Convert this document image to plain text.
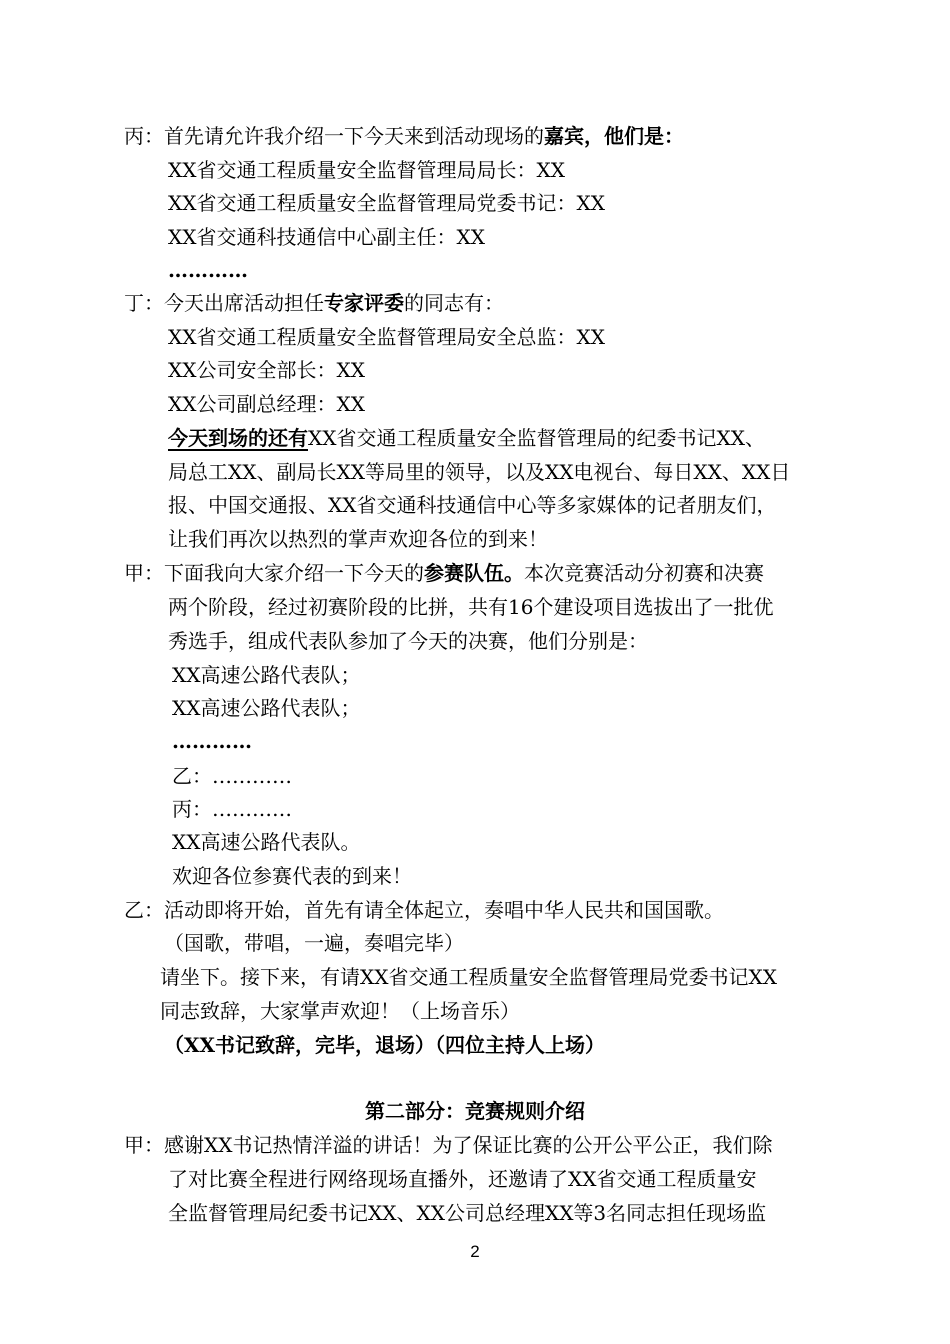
丙：首先请允许我介绍一下今天来到活动现场的嘉宾，他们是：
XX省交通工程质量安全监督管理局局长：XX
XX省交通工程质量安全监督管理局党委书记：XX
XX省交通科技通信中心副主任：XX
…………
丁：今天出席活动担任专家评委的同志有：
XX省交通工程质量安全监督管理局安全总监：XX
XX公司安全部长：XX
XX公司副总经理：XX
今天到场的还有XX省交通工程质量安全监督管理局的纪委书记XX、
局总工XX、副局长XX等局里的领导，以及XX电视台、每日XX、XX日
报、中国交通报、XX省交通科技通信中心等多家媒体的记者朋友们，
让我们再次以热烈的掌声欢迎各位的到来！
甲：下面我向大家介绍一下今天的参赛队伍。本次竞赛活动分初赛和决赛
两个阶段，经过初赛阶段的比拼，共有16个建设项目选拔出了一批优
秀选手，组成代表队参加了今天的决赛，他们分别是：
XX高速公路代表队；
XX高速公路代表队；
…………
乙：…………
丙：…………
XX高速公路代表队。
欢迎各位参赛代表的到来！
乙：活动即将开始，首先有请全体起立，奏唱中华人民共和国国歌。
（国歌，带唱，一遍，奏唱完毕）
请坐下。接下来，有请XX省交通工程质量安全监督管理局党委书记XX
同志致辞，大家掌声欢迎！（上场音乐）
（XX书记致辞，完毕，退场）（四位主持人上场）
第二部分：竞赛规则介绍
甲：感谢XX书记热情洋溢的讲话！为了保证比赛的公开公平公正，我们除
了对比赛全程进行网络现场直播外，还邀请了XX省交通工程质量安
全监督管理局纪委书记XX、XX公司总经理XX等3名同志担任现场监
2
